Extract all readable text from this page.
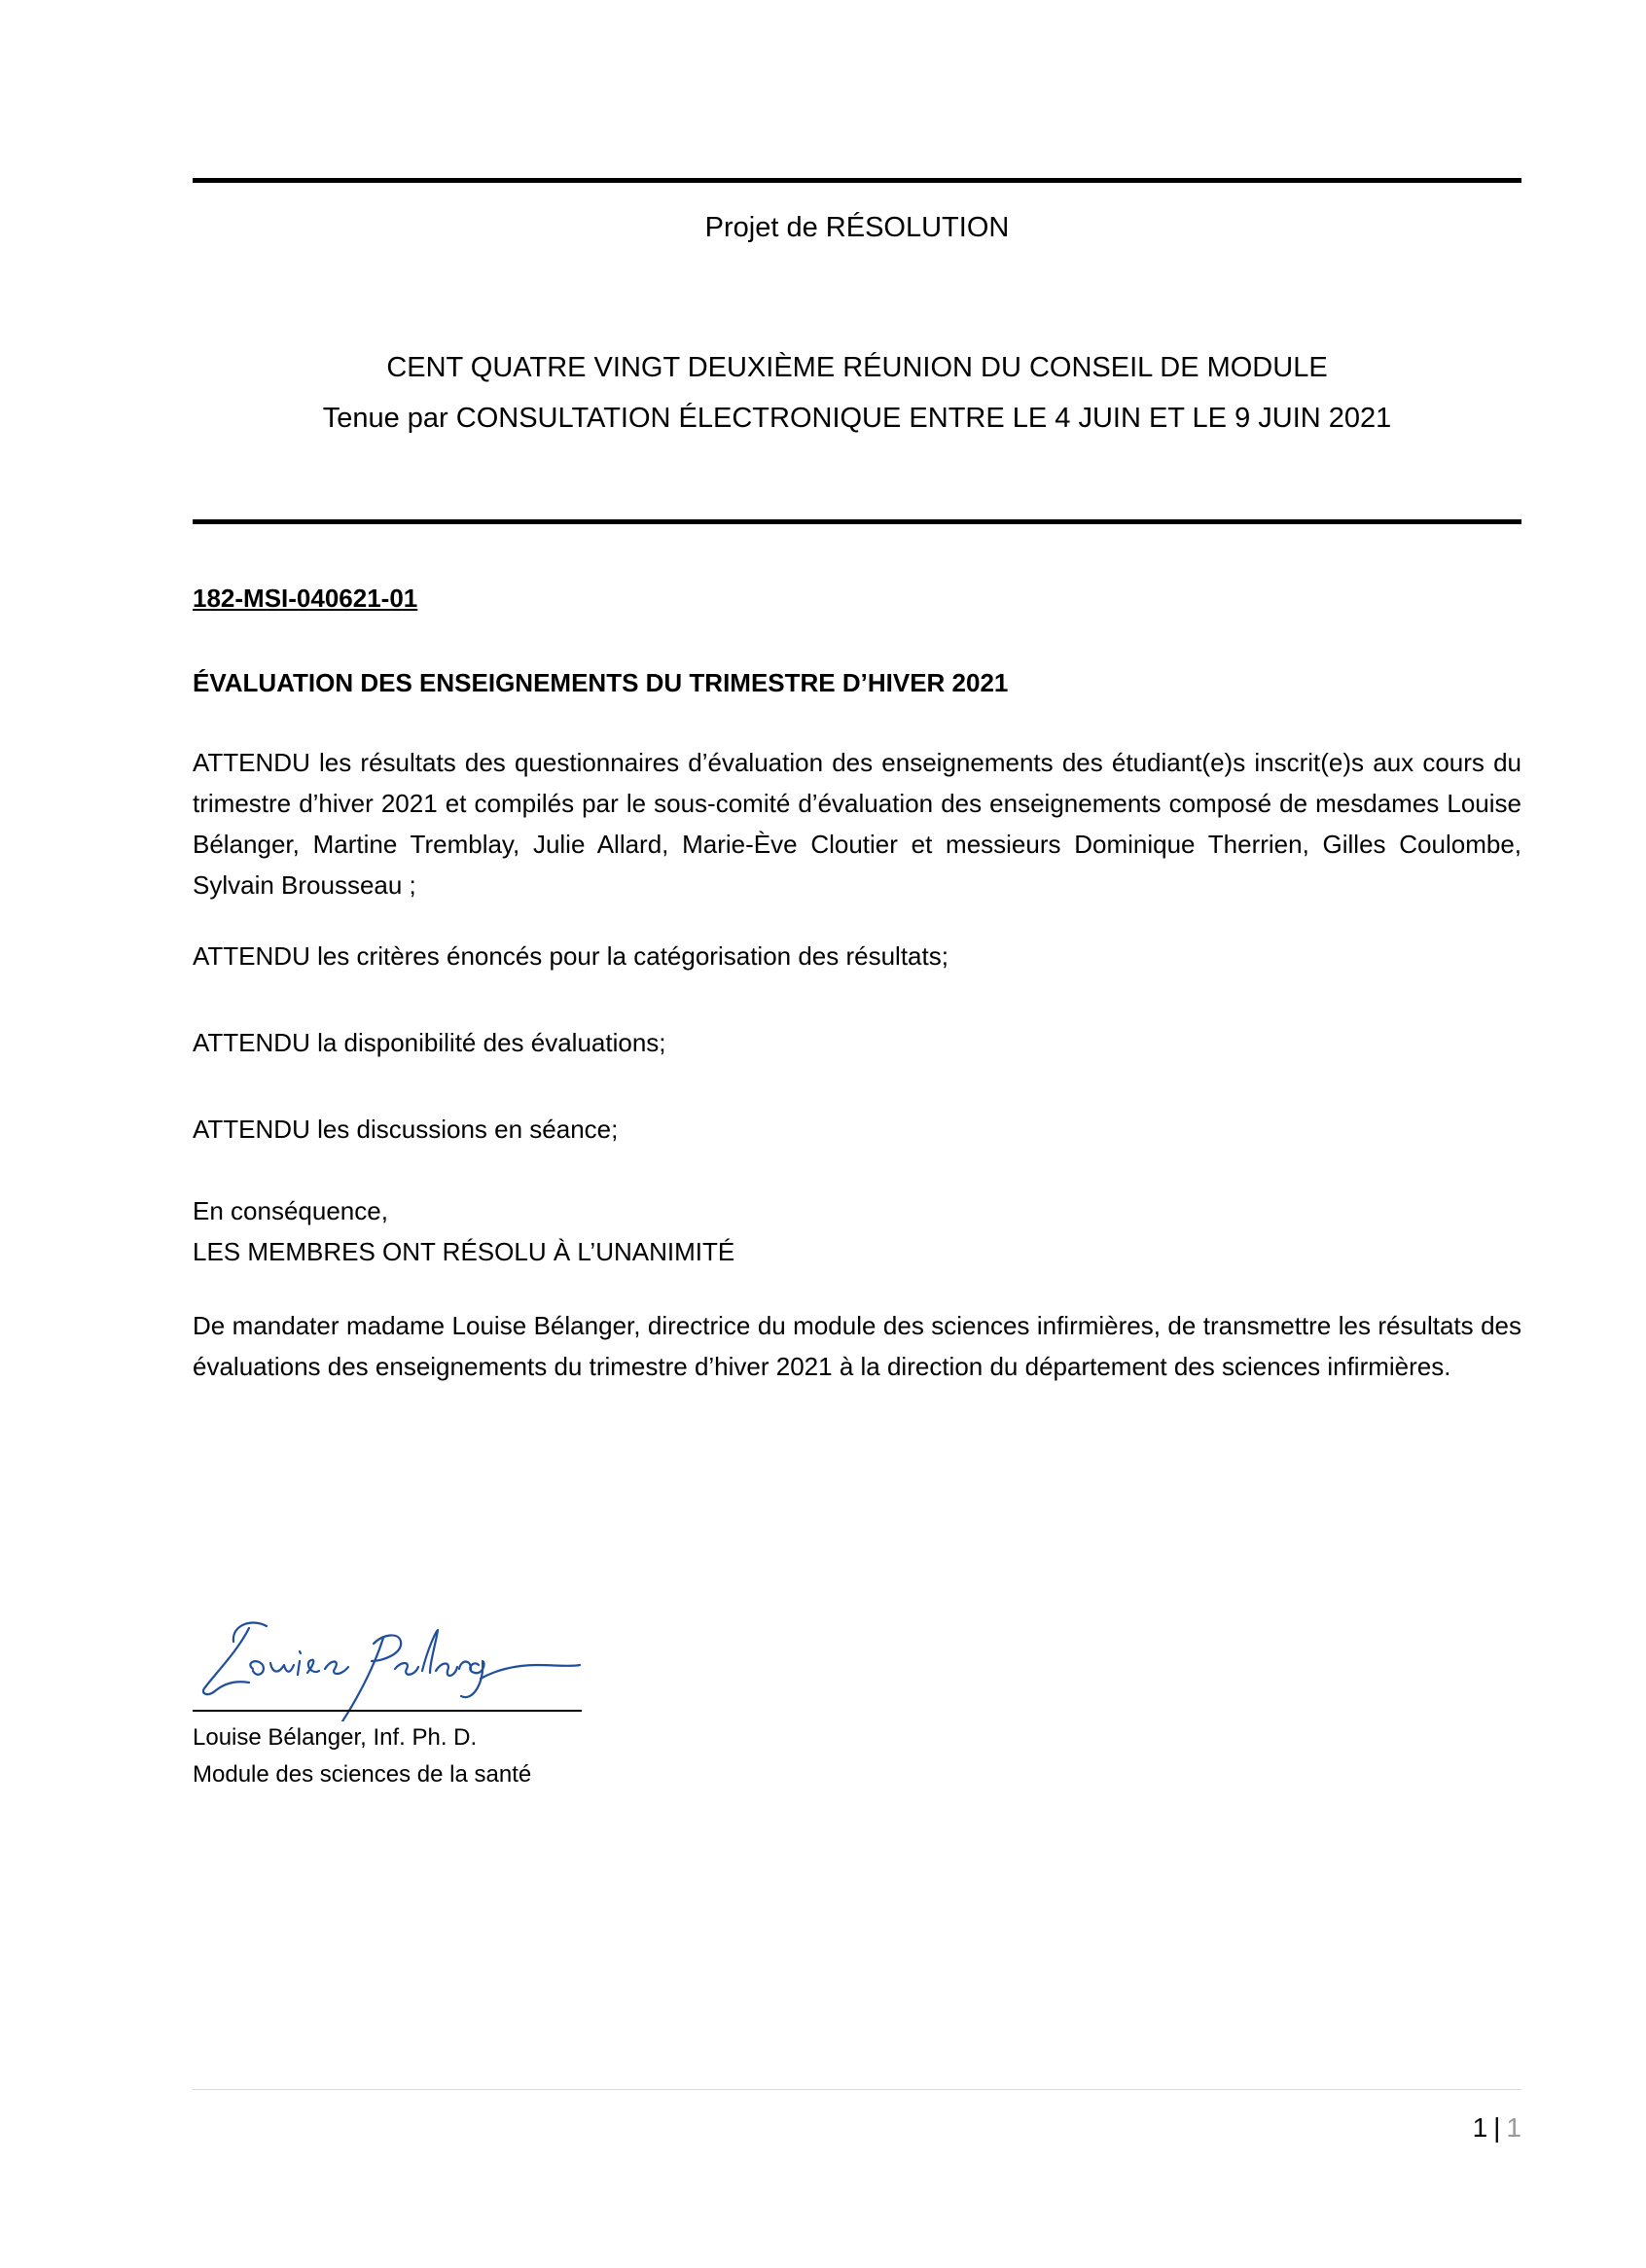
Projet de RÉSOLUTION
CENT QUATRE VINGT DEUXIÈME RÉUNION DU CONSEIL DE MODULE
Tenue par CONSULTATION ÉLECTRONIQUE ENTRE LE 4 JUIN ET LE 9 JUIN 2021
182-MSI-040621-01
ÉVALUATION DES ENSEIGNEMENTS DU TRIMESTRE D’HIVER 2021
ATTENDU les résultats des questionnaires d’évaluation des enseignements des étudiant(e)s inscrit(e)s aux cours du trimestre d’hiver 2021 et compilés par le sous-comité d’évaluation des enseignements composé de mesdames Louise Bélanger, Martine Tremblay, Julie Allard, Marie-Ève Cloutier et messieurs Dominique Therrien, Gilles Coulombe, Sylvain Brousseau ;
ATTENDU les critères énoncés pour la catégorisation des résultats;
ATTENDU la disponibilité des évaluations;
ATTENDU les discussions en séance;
En conséquence,
LES MEMBRES ONT RÉSOLU À L’UNANIMITÉ
De mandater madame Louise Bélanger, directrice du module des sciences infirmières, de transmettre les résultats des évaluations des enseignements du trimestre d’hiver 2021 à la direction du département des sciences infirmières.
Louise Bélanger, Inf. Ph. D.
Module des sciences de la santé
1 | 1
